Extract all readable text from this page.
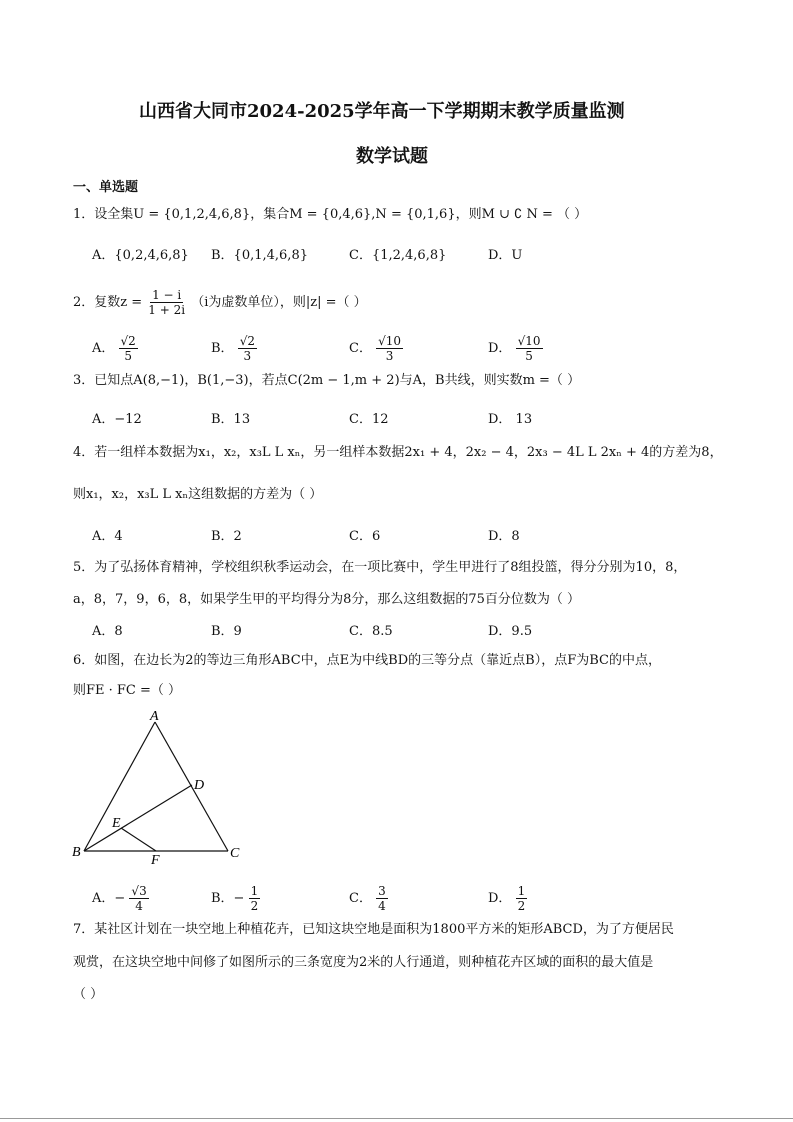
山西省大同市2024-2025学年高一下学期期末教学质量监测
数学试题
一、单选题
1．设全集U = {0,1,2,4,6,8}，集合M = {0,4,6},N = {0,1,6}，则M ∪ ∁ N = （ ）
A．{0,2,4,6,8} B．{0,1,4,6,8}	C．{1,2,4,6,8}	D．U
2．复数$z = \frac{1 - i}{1 + 2i} (i$为虚数单位），则|z| =（ ）
A． $\frac{√2}{5}$	B． $\frac{√2}{3}$	C． $\frac{√10}{3}$	D． $\frac{√10}{5}$
3．已知点A(8,−1)，B(1,−3)，若点C(2m − 1,m + 2)与A，B共线，则实数m =（ ）
A．−12	B．13	C．12	D． 13
4．若一组样本数据为x₁，x₂，x₃L L xₙ，另一组样本数据2x₁ + 4，2x₂ − 4，2x₃ − 4L L 2xₙ + 4的方差为8，
则x₁，x₂，x₃L L xₙ这组数据的方差为（ ）
A．4	B．2	C．6	D．8
5．为了弘扬体育精神，学校组织秋季运动会，在一项比赛中，学生甲进行了8组投篮，得分分别为10，8，
a，8，7，9，6，8，如果学生甲的平均得分为8分，那么这组数据的75百分位数为（ ）
A．8	B．9	C．8.5	D．9.5
6．如图，在边长为2的等边三角形ABC中，点E为中线BD的三等分点（靠近点B），点F为BC的中点，
则FE · FC =（ ）
A
B	C
D
E
F
A．− $\frac{√3}{4}$	B．− $\frac{1}{2}$	C． $\frac{3}{4}$	D． $\frac{1}{2}$
7．某社区计划在一块空地上种植花卉，已知这块空地是面积为1800平方米的矩形ABCD，为了方便居民
观赏，在这块空地中间修了如图所示的三条宽度为2米的人行通道，则种植花卉区域的面积的最大值是
（ ）
